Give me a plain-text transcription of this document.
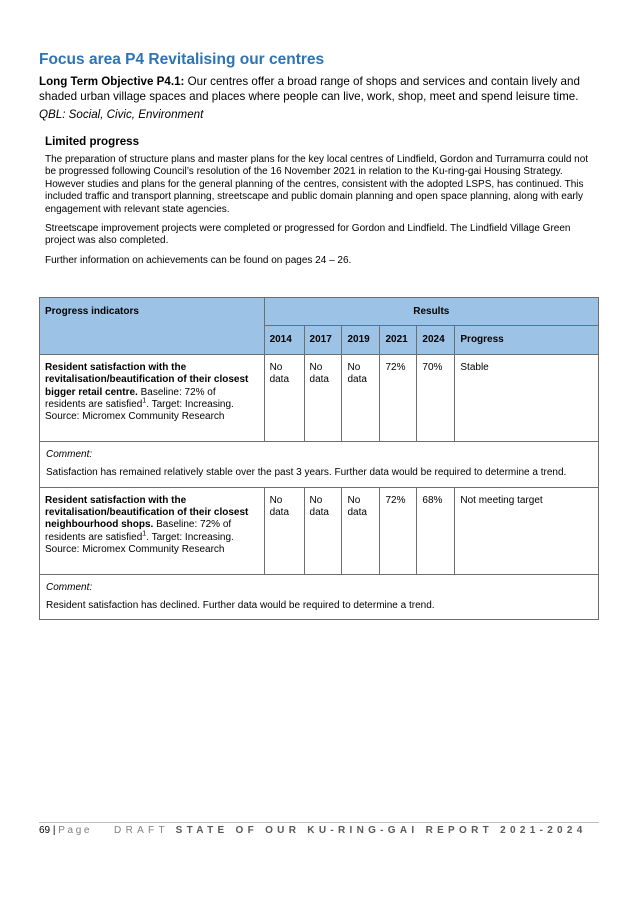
Focus area P4 Revitalising our centres
Long Term Objective P4.1: Our centres offer a broad range of shops and services and contain lively and shaded urban village spaces and places where people can live, work, shop, meet and spend leisure time.
QBL: Social, Civic, Environment
Limited progress

The preparation of structure plans and master plans for the key local centres of Lindfield, Gordon and Turramurra could not be progressed following Council’s resolution of the 16 November 2021 in relation to the Ku-ring-gai Housing Strategy. However studies and plans for the general planning of the centres, consistent with the adopted LSPS, has continued. This included traffic and transport planning, streetscape and public domain planning and open space planning, along with early engagement with relevant state agencies.

Streetscape improvement projects were completed or progressed for Gordon and Lindfield. The Lindfield Village Green project was also completed.

Further information on achievements can be found on pages 24 – 26.

Progress indicators	Results					
	2014	2017	2019	2021	2024	Progress
Resident satisfaction with the revitalisation/beautification of their closest bigger retail centre. Baseline: 72% of residents are satisfied$^1$. Target: Increasing. Source: Micromex Community Research	No data	No data	No data	72%	70%	Stable

Comment:
Satisfaction has remained relatively stable over the past 3 years. Further data would be required to determine a trend.						

Resident satisfaction with the revitalisation/beautification of their closest neighbourhood shops. Baseline: 72% of residents are satisfied$^1$. Target: Increasing. Source: Micromex Community Research	No data	No data	No data	72%	68%	Not meeting target

Comment:
Resident satisfaction has declined. Further data would be required to determine a trend.						
69 | Page DRAFT STATE OF OUR KU-RING-GAI REPORT 2021-2024
